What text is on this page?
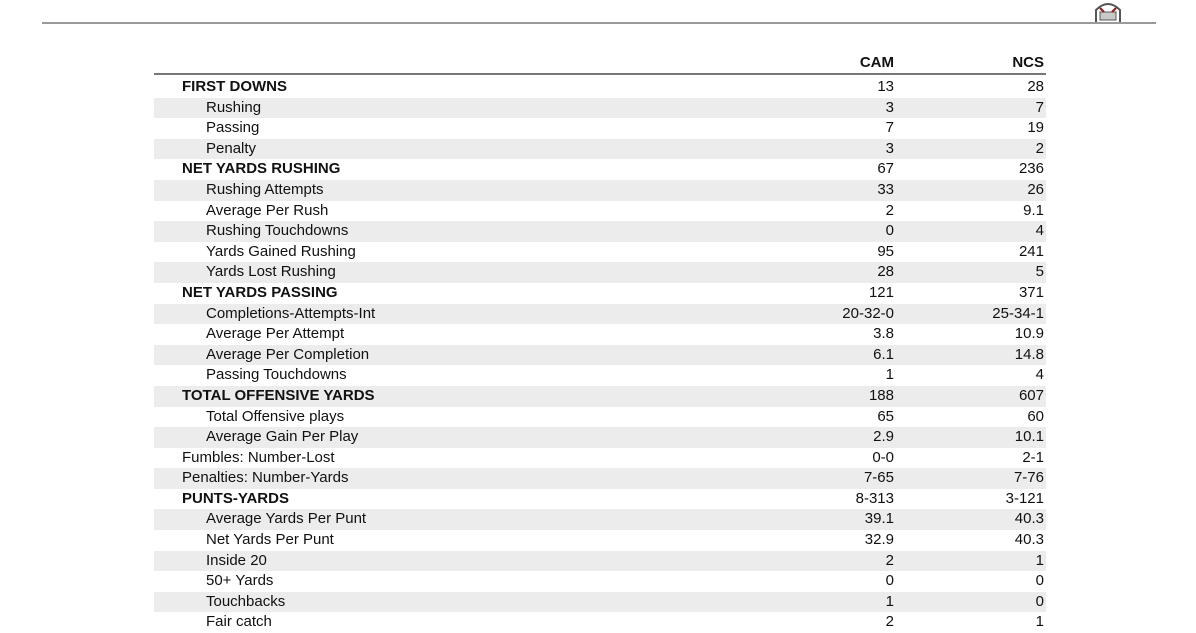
CAM	NCS
FIRST DOWNS	13	28
Rushing	3	7
Passing	7	19
Penalty	3	2
NET YARDS RUSHING	67	236
Rushing Attempts	33	26
Average Per Rush	2	9.1
Rushing Touchdowns	0	4
Yards Gained Rushing	95	241
Yards Lost Rushing	28	5
NET YARDS PASSING	121	371
Completions-Attempts-Int	20-32-0	25-34-1
Average Per Attempt	3.8	10.9
Average Per Completion	6.1	14.8
Passing Touchdowns	1	4
TOTAL OFFENSIVE YARDS	188	607
Total Offensive plays	65	60
Average Gain Per Play	2.9	10.1
Fumbles: Number-Lost	0-0	2-1
Penalties: Number-Yards	7-65	7-76
PUNTS-YARDS	8-313	3-121
Average Yards Per Punt	39.1	40.3
Net Yards Per Punt	32.9	40.3
Inside 20	2	1
50+ Yards	0	0
Touchbacks	1	0
Fair catch	2	1
